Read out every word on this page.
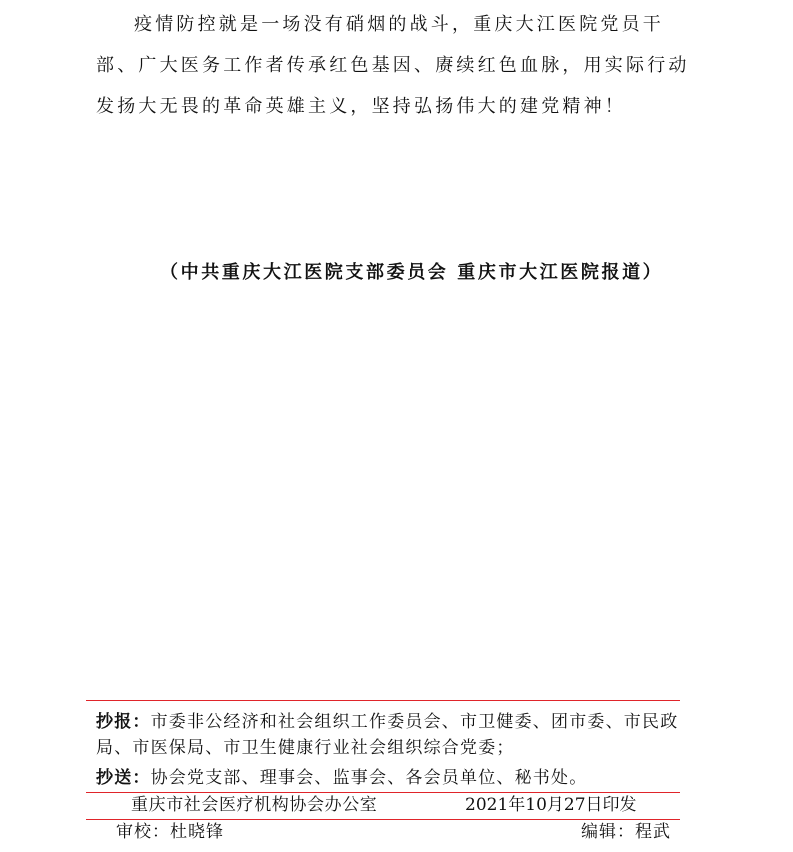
疫情防控就是一场没有硝烟的战斗，重庆大江医院党员干部、广大医务工作者传承红色基因、赓续红色血脉，用实际行动发扬大无畏的革命英雄主义，坚持弘扬伟大的建党精神！

（中共重庆大江医院支部委员会 重庆市大江医院报道）

抄报：市委非公经济和社会组织工作委员会、市卫健委、团市委、市民政局、市医保局、市卫生健康行业社会组织综合党委；

抄送：协会党支部、理事会、监事会、各会员单位、秘书处。

重庆市社会医疗机构协会办公室	2021年10月27日印发
审校：杜晓锋	编辑：程武
